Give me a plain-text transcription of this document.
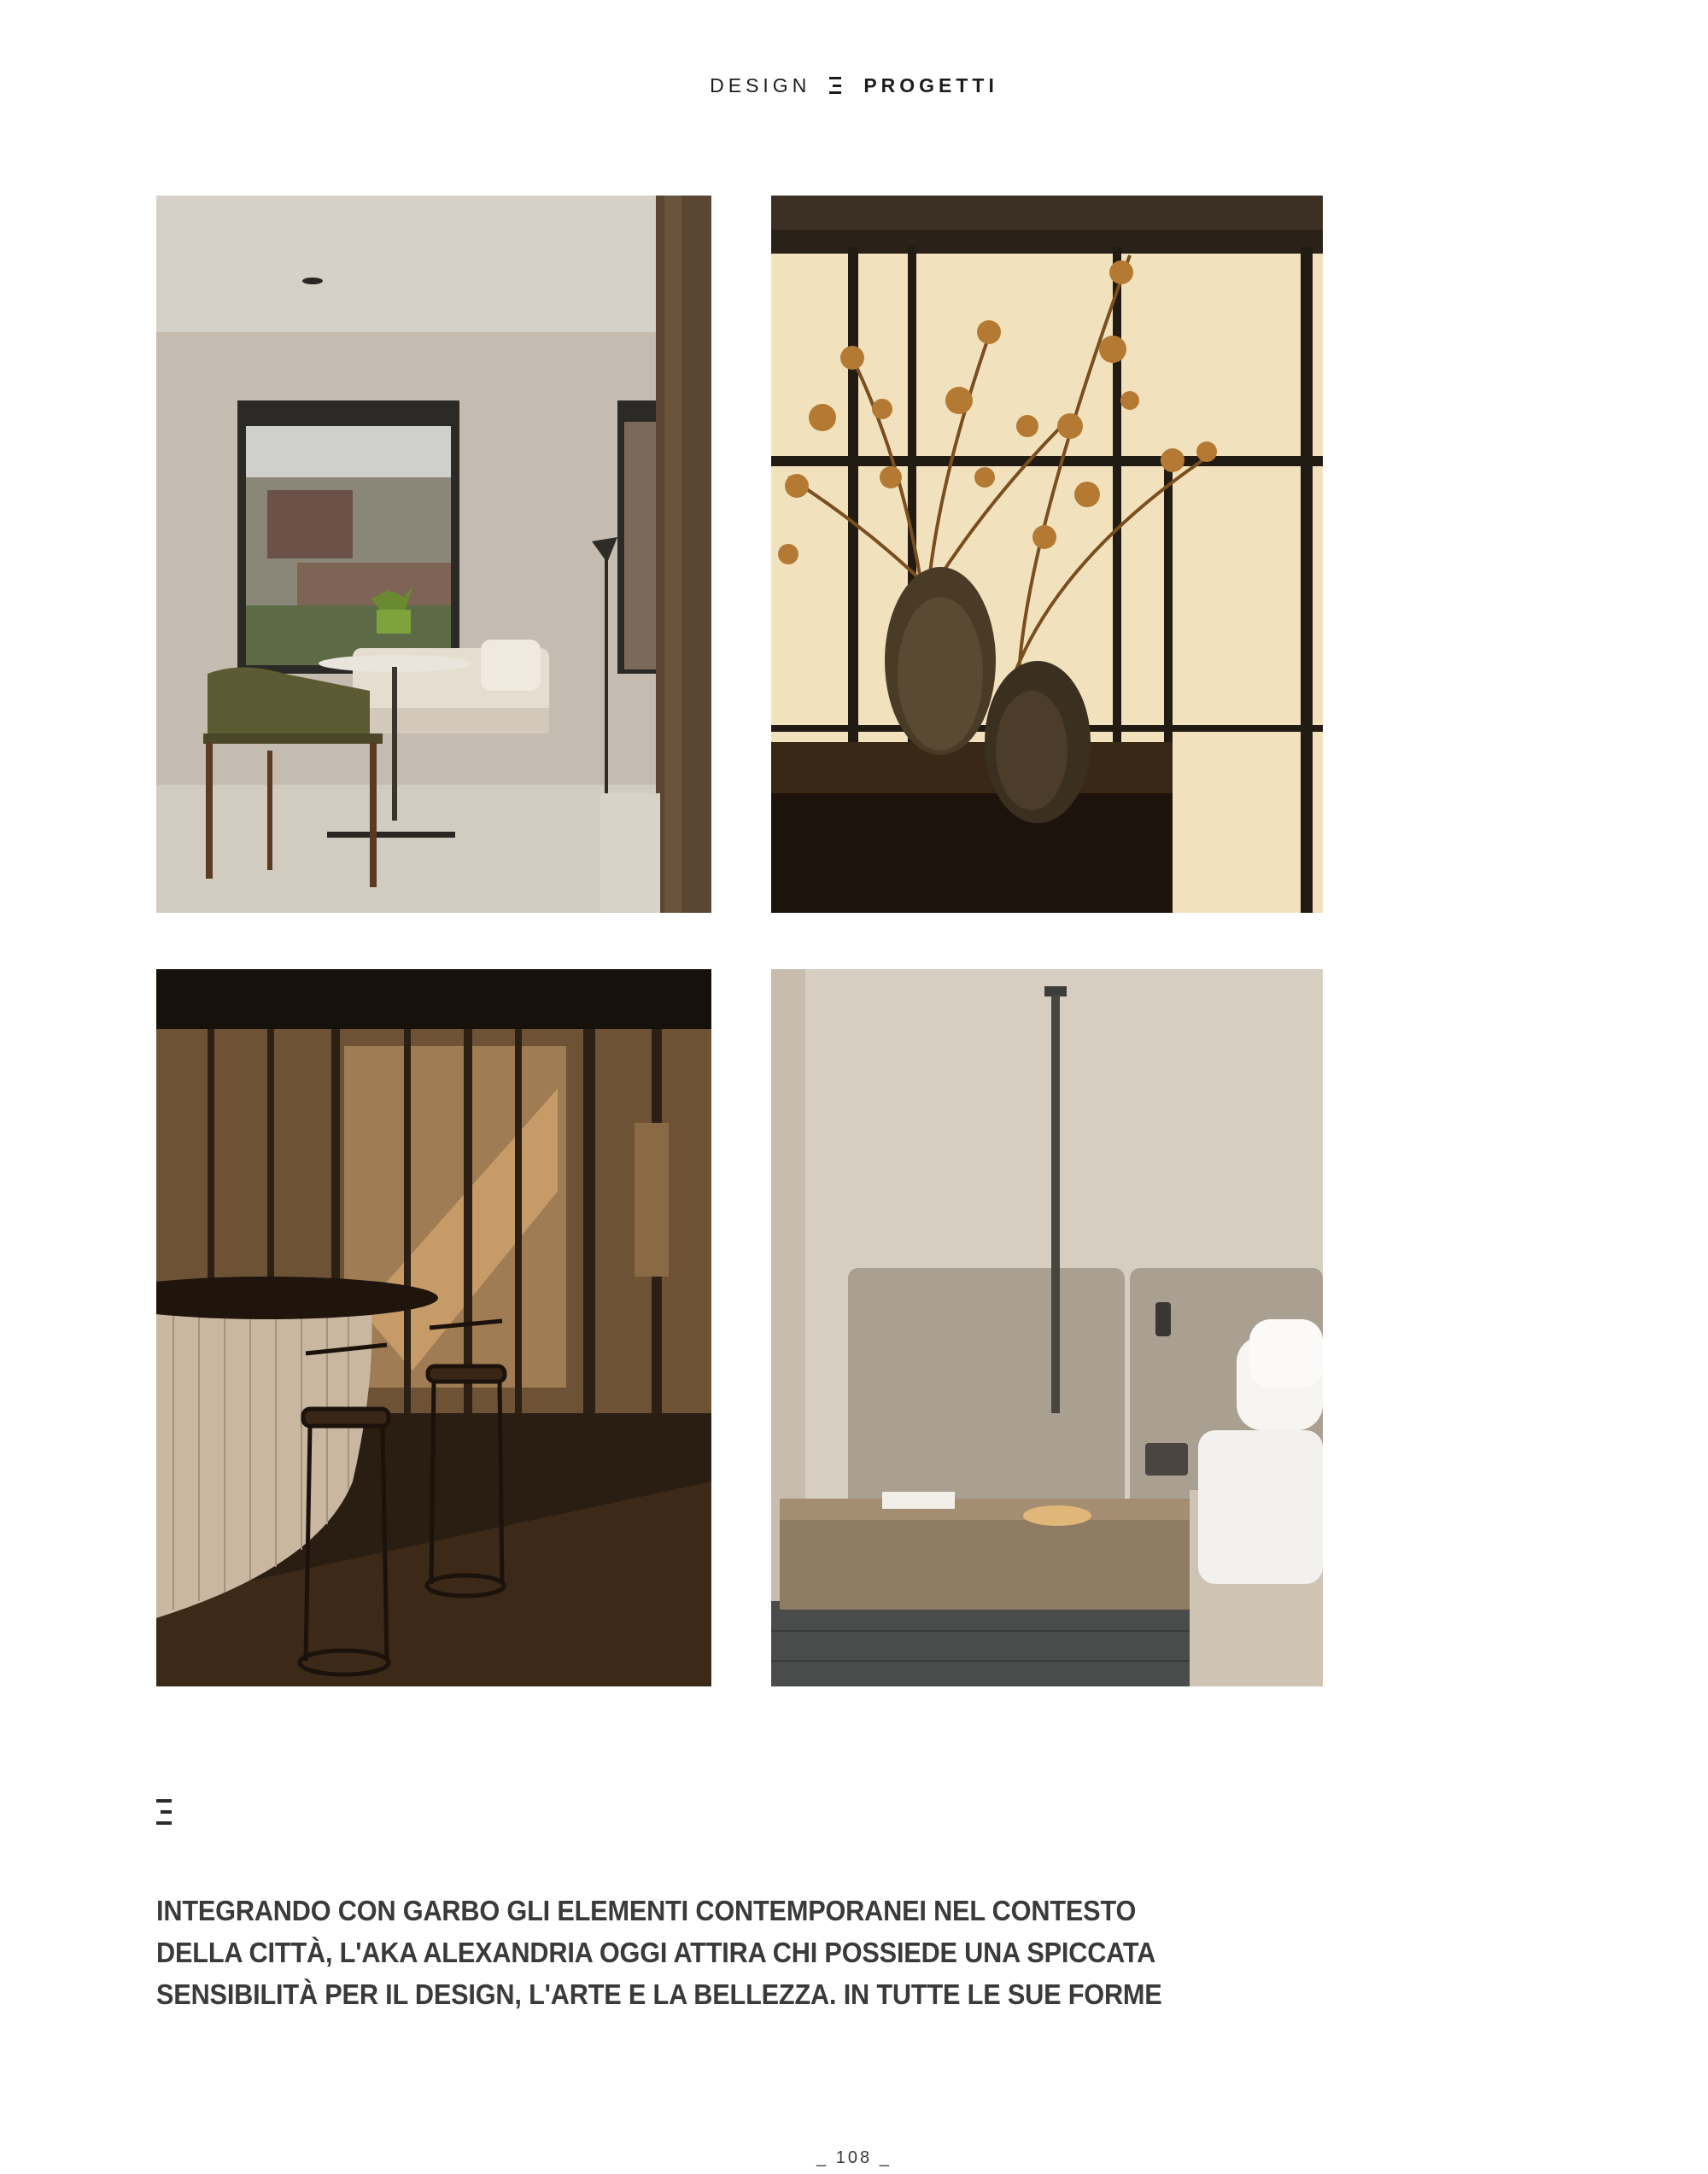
DESIGN	PROGETTI

INTEGRANDO CON GARBO GLI ELEMENTI CONTEMPORANEI NEL CONTESTO
DELLA CITTÀ, L'AKA ALEXANDRIA OGGI ATTIRA CHI POSSIEDE UNA SPICCATA
SENSIBILITÀ PER IL DESIGN, L'ARTE E LA BELLEZZA. IN TUTTE LE SUE FORME

_ 108 _
